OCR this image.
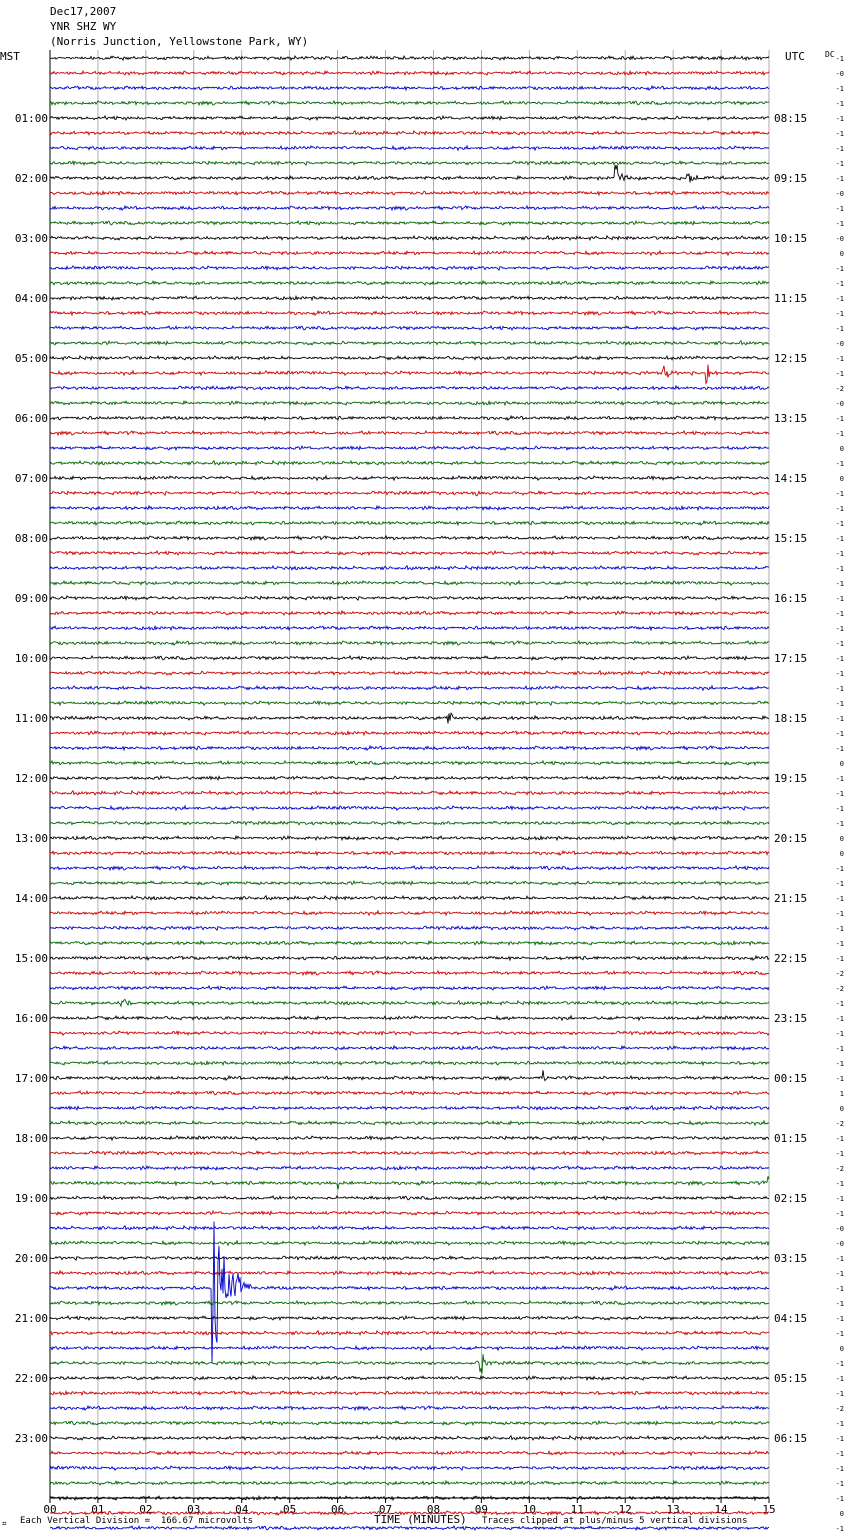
Dec17,2007
YNR SHZ WY
(Norris Junction, Yellowstone Park, WY)
MST	UTC	DC
00	01	02	03	04	05	06	07	08	09	10	11	12	13	14	15
-1
-0
-1
-1
-1
-1
-1
-1
-1
-0
-1
-1
-0
0
-1
-1
-1
-1
-1
-0
-1
-1
-2
-0
-1
-1
0
-1
0
-1
-1
-1
-1
-1
-1
-1
-1
-1
-1
-1
-1
-1
-1
-1
-1
-1
-1
0
-1
-1
-1
-1
0
0
-1
-1
-1
-1
-1
-1
-1
-2
-2
-1
-1
-1
-1
-1
-1
1
0
-2
-1
-1
-2
-1
-1
-1
-0
-0
-1
-1
-1
-1
-1
-1
0
-1
-1
-1
-2
-1
-1
-1
-1
-1
-1
0
-1
01:00
02:00
03:00
04:00
05:00
06:00
07:00
08:00
09:00
10:00
11:00
12:00
13:00
14:00
15:00
16:00
17:00
18:00
19:00
20:00
21:00
22:00
23:00
08:15
09:15
10:15
11:15
12:15
13:15
14:15
15:15
16:15
17:15
18:15
19:15
20:15
21:15
22:15
23:15
00:15
01:15
02:15
03:15
04:15
05:15
06:15
⌗ Each Vertical Division =  166.67 microvolts	TIME (MINUTES) Traces clipped at plus/minus 5 vertical divisions
